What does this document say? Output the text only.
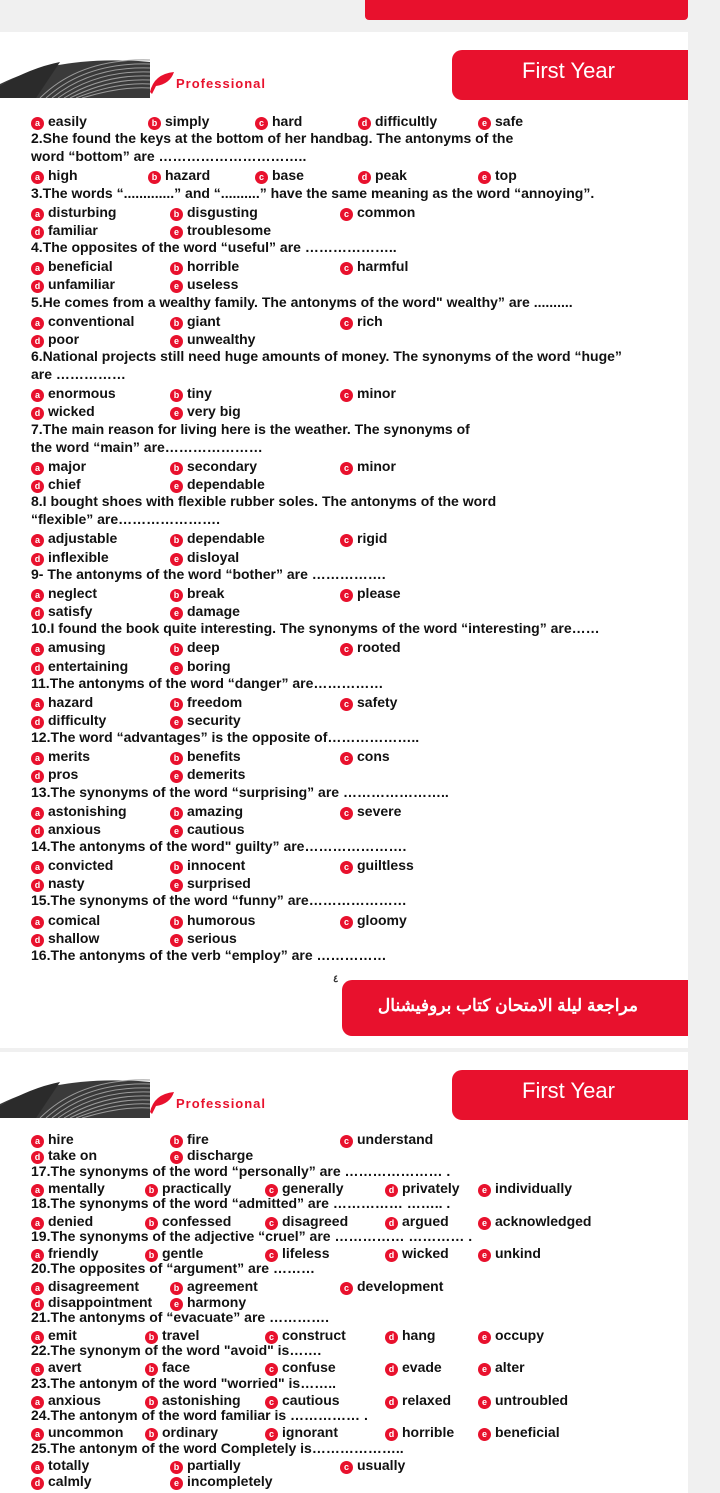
Professional
First Year
a easily	b simply	c hard	d difficultly	e safe
2.She found the keys at the bottom of her handbag. The antonyms of the
word “bottom” are …………………………..
a high	b hazard	c base	d peak	e top
3.The words “.............” and “..........” have the same meaning as the word “annoying”.
a disturbing	b disgusting	c common
d familiar	e troublesome
4.The opposites of the word “useful” are ………………..
a beneficial	b horrible	c harmful
d unfamiliar	e useless
5.He comes from a wealthy family. The antonyms of the word" wealthy” are ..........
a conventional	b giant	c rich
d poor	e unwealthy
6.National projects still need huge amounts of money. The synonyms of the word “huge”
are ……………
a enormous	b tiny	c minor
d wicked	e very big
7.The main reason for living here is the weather. The synonyms of
the word “main” are…………………
a major	b secondary	c minor
d chief	e dependable
8.I bought shoes with flexible rubber soles. The antonyms of the word
“flexible” are………………….
a adjustable	b dependable	c rigid
d inflexible	e disloyal
9- The antonyms of the word “bother” are …………….
a neglect	b break	c please
d satisfy	e damage
10.I found the book quite interesting. The synonyms of the word “interesting” are……
a amusing	b deep	c rooted
d entertaining	e boring
11.The antonyms of the word “danger” are……………
a hazard	b freedom	c safety
d difficulty	e security
12.The word “advantages” is the opposite of………………..
a merits	b benefits	c cons
d pros	e demerits
13.The synonyms of the word “surprising” are …………………..
a astonishing	b amazing	c severe
d anxious	e cautious
14.The antonyms of the word" guilty” are………………….
a convicted	b innocent	c guiltless
d nasty	e surprised
15.The synonyms of the word “funny” are…………………
a comical	b humorous	c gloomy
d shallow	e serious
16.The antonyms of the verb “employ” are ……………
٤
مراجعة ليلة الامتحان كتاب بروفيشنال
Professional
First Year
a hire	b fire	c understand
d take on	e discharge
17.The synonyms of the word “personally” are ………………… .
a mentally	b practically	c generally	d privately	e individually
18.The synonyms of the word “admitted” are …………… …….. .
a denied	b confessed	c disagreed	d argued	e acknowledged
19.The synonyms of the adjective “cruel” are …………… ………… .
a friendly	b gentle	c lifeless	d wicked	e unkind
20.The opposites of “argument” are ………
a disagreement	b agreement	c development
d disappointment	e harmony
21.The antonyms of “evacuate” are ………….
a emit	b travel	c construct	d hang	e occupy
22.The synonym of the word "avoid" is…….
a avert	b face	c confuse	d evade	e alter
23.The antonym of the word "worried" is……..
a anxious	b astonishing	c cautious	d relaxed	e untroubled
24.The antonym of the word familiar is …………… .
a uncommon	b ordinary	c ignorant	d horrible	e beneficial
25.The antonym of the word Completely is………………..
a totally	b partially	c usually
d calmly	e incompletely
